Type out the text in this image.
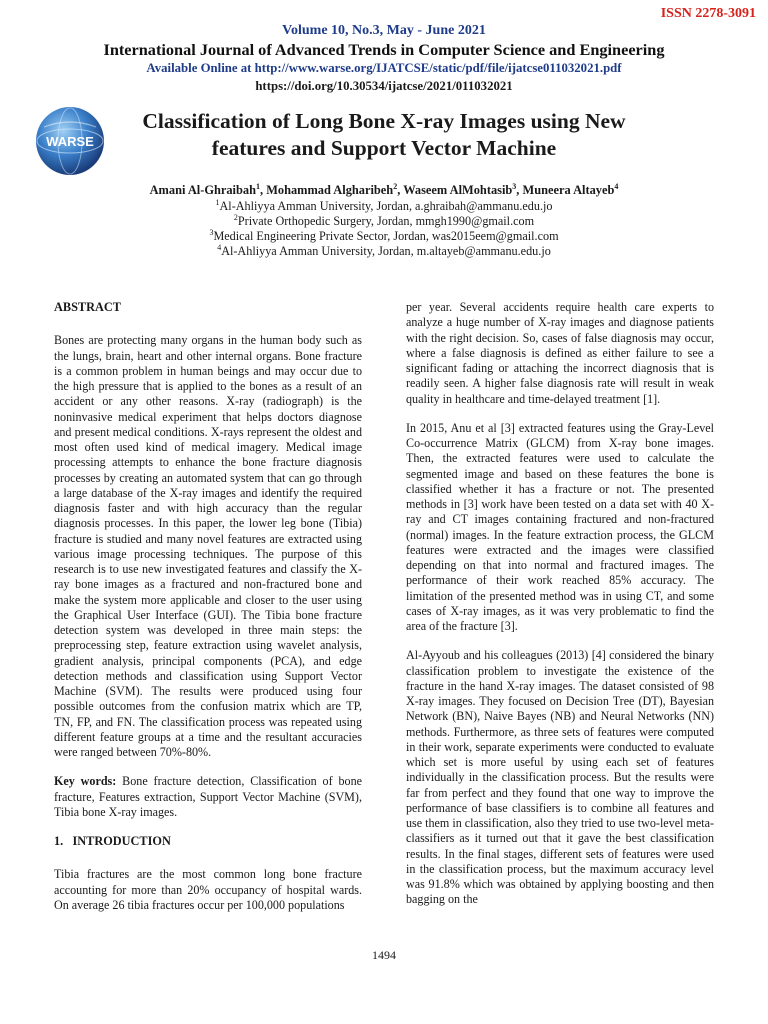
ISSN 2278-3091
Volume 10, No.3, May - June 2021
International Journal of Advanced Trends in Computer Science and Engineering
Available Online at http://www.warse.org/IJATCSE/static/pdf/file/ijatcse011032021.pdf
https://doi.org/10.30534/ijatcse/2021/011032021
WARSE
Classification of Long Bone X-ray Images using New
features and Support Vector Machine
Amani Al-Ghraibah$^1$, Mohammad Algharibeh$^2$, Waseem AlMohtasib$^3$, Muneera Altayeb$^4$
$^1$Al-Ahliyya Amman University, Jordan, a.ghraibah@ammanu.edu.jo
$^2$Private Orthopedic Surgery, Jordan, mmgh1990@gmail.com
$^3$Medical Engineering Private Sector, Jordan, was2015eem@gmail.com
$^4$Al-Ahliyya Amman University, Jordan, m.altayeb@ammanu.edu.jo
ABSTRACT

Bones are protecting many organs in the human body such as the lungs, brain, heart and other internal organs. Bone fracture is a common problem in human beings and may occur due to the high pressure that is applied to the bones as a result of an accident or any other reasons. X-ray (radiograph) is the noninvasive medical experiment that helps doctors diagnose and present medical conditions. X-rays represent the oldest and most often used kind of medical imagery. Medical image processing attempts to enhance the bone fracture diagnosis processes by creating an automated system that can go through a large database of the X-ray images and identify the required diagnosis faster and with high accuracy than the regular diagnosis processes. In this paper, the lower leg bone (Tibia) fracture is studied and many novel features are extracted using various image processing techniques. The purpose of this research is to use new investigated features and classify the X-ray bone images as a fractured and non-fractured bone and make the system more applicable and closer to the user using the Graphical User Interface (GUI). The Tibia bone fracture detection system was developed in three main steps: the preprocessing step, feature extraction using wavelet analysis, gradient analysis, principal components (PCA), and edge detection methods and classification using Support Vector Machine (SVM). The results were produced using four possible outcomes from the confusion matrix which are TP, TN, FP, and FN. The classification process was repeated using different feature groups at a time and the resultant accuracies were ranged between 70%-80%.

Key words: Bone fracture detection, Classification of bone fracture, Features extraction, Support Vector Machine (SVM), Tibia bone X-ray images.

1.   INTRODUCTION

Tibia fractures are the most common long bone fracture accounting for more than 20% occupancy of hospital wards. On average 26 tibia fractures occur per 100,000 populations

per year. Several accidents require health care experts to analyze a huge number of X-ray images and diagnose patients with the right decision. So, cases of false diagnosis may occur, where a false diagnosis is defined as either failure to see a significant fading or attaching the incorrect diagnosis that is readily seen. A higher false diagnosis rate will result in weak quality in healthcare and time-delayed treatment [1].

In 2015, Anu et al [3] extracted features using the Gray-Level Co-occurrence Matrix (GLCM) from X-ray bone images. Then, the extracted features were used to calculate the segmented image and based on these features the bone is classified whether it has a fracture or not. The presented methods in [3] work have been tested on a data set with 40 X-ray and CT images containing fractured and non-fractured (normal) images. In the feature extraction process, the GLCM features were extracted and the images were classified depending on that into normal and fractured images. The performance of their work reached 85% accuracy. The limitation of the presented method was in using CT, and some cases of X-ray images, as it was very problematic to find the area of the fracture [3].

Al-Ayyoub and his colleagues (2013) [4] considered the binary classification problem to investigate the existence of the fracture in the hand X-ray images. The dataset consisted of 98 X-ray images. They focused on Decision Tree (DT), Bayesian Network (BN), Naive Bayes (NB) and Neural Networks (NN) methods. Furthermore, as three sets of features were computed in their work, separate experiments were conducted to evaluate which set is more useful by using each set of features individually in the classification process. But the results were far from perfect and they found that one way to improve the performance of base classifiers is to combine all features and use them in classification, also they tried to use two-level meta-classifiers as it turned out that it gave the best classification results. In the final stages, different sets of features were used in the classification process, but the maximum accuracy level was 91.8% which was obtained by applying boosting and then bagging on the

1494
